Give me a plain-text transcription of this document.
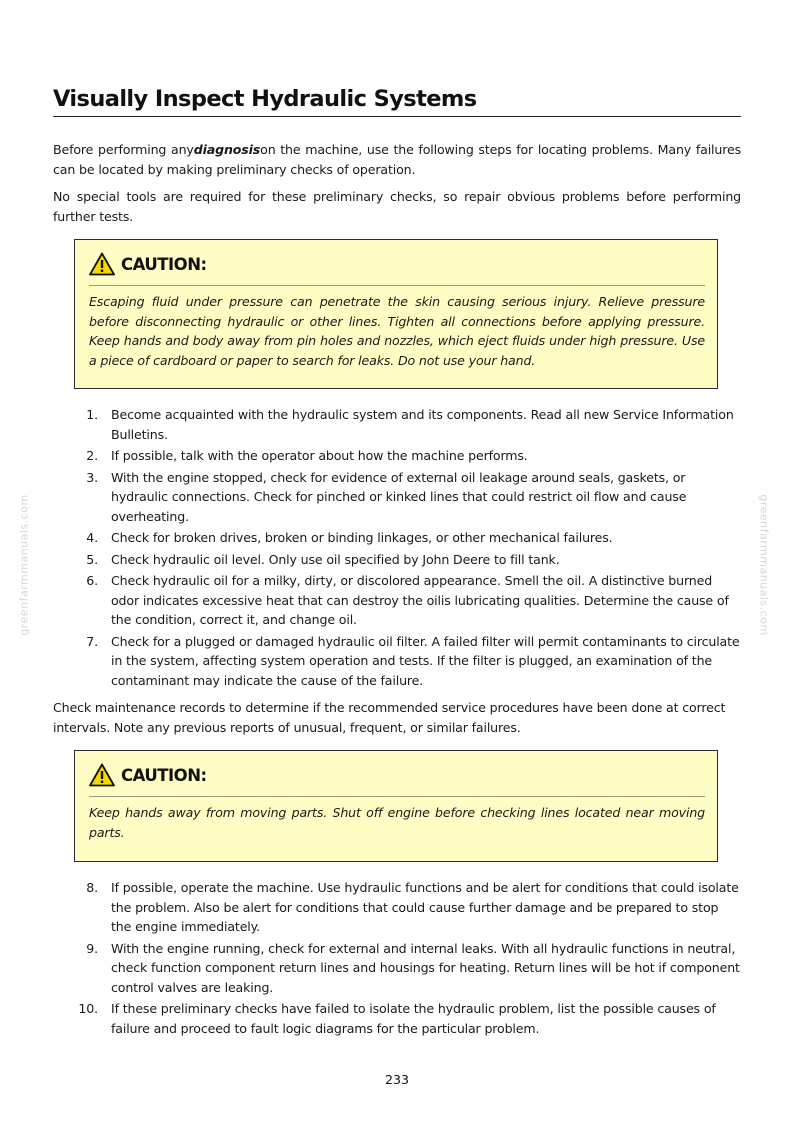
Visually Inspect Hydraulic Systems

Before performing anydiagnosison the machine, use the following steps for locating problems. Many failures can be located by making preliminary checks of operation.

No special tools are required for these preliminary checks, so repair obvious problems before performing further tests.

CAUTION:

Escaping fluid under pressure can penetrate the skin causing serious injury. Relieve pressure before disconnecting hydraulic or other lines. Tighten all connections before applying pressure. Keep hands and body away from pin holes and nozzles, which eject fluids under high pressure. Use a piece of cardboard or paper to search for leaks. Do not use your hand.

1. Become acquainted with the hydraulic system and its components. Read all new Service Information Bulletins.
2. If possible, talk with the operator about how the machine performs.
3. With the engine stopped, check for evidence of external oil leakage around seals, gaskets, or hydraulic connections. Check for pinched or kinked lines that could restrict oil flow and cause overheating.
4. Check for broken drives, broken or binding linkages, or other mechanical failures.
5. Check hydraulic oil level. Only use oil specified by John Deere to fill tank.
6. Check hydraulic oil for a milky, dirty, or discolored appearance. Smell the oil. A distinctive burned odor indicates excessive heat that can destroy the oilis lubricating qualities. Determine the cause of the condition, correct it, and change oil.
7. Check for a plugged or damaged hydraulic oil filter. A failed filter will permit contaminants to circulate in the system, affecting system operation and tests. If the filter is plugged, an examination of the contaminant may indicate the cause of the failure.

Check maintenance records to determine if the recommended service procedures have been done at correct intervals. Note any previous reports of unusual, frequent, or similar failures.

CAUTION:

Keep hands away from moving parts. Shut off engine before checking lines located near moving parts.

8. If possible, operate the machine. Use hydraulic functions and be alert for conditions that could isolate the problem. Also be alert for conditions that could cause further damage and be prepared to stop the engine immediately.
9. With the engine running, check for external and internal leaks. With all hydraulic functions in neutral, check function component return lines and housings for heating. Return lines will be hot if component control valves are leaking.
10. If these preliminary checks have failed to isolate the hydraulic problem, list the possible causes of failure and proceed to fault logic diagrams for the particular problem.
greenfarmmanuals.com	greenfarmmanuals.com
233
